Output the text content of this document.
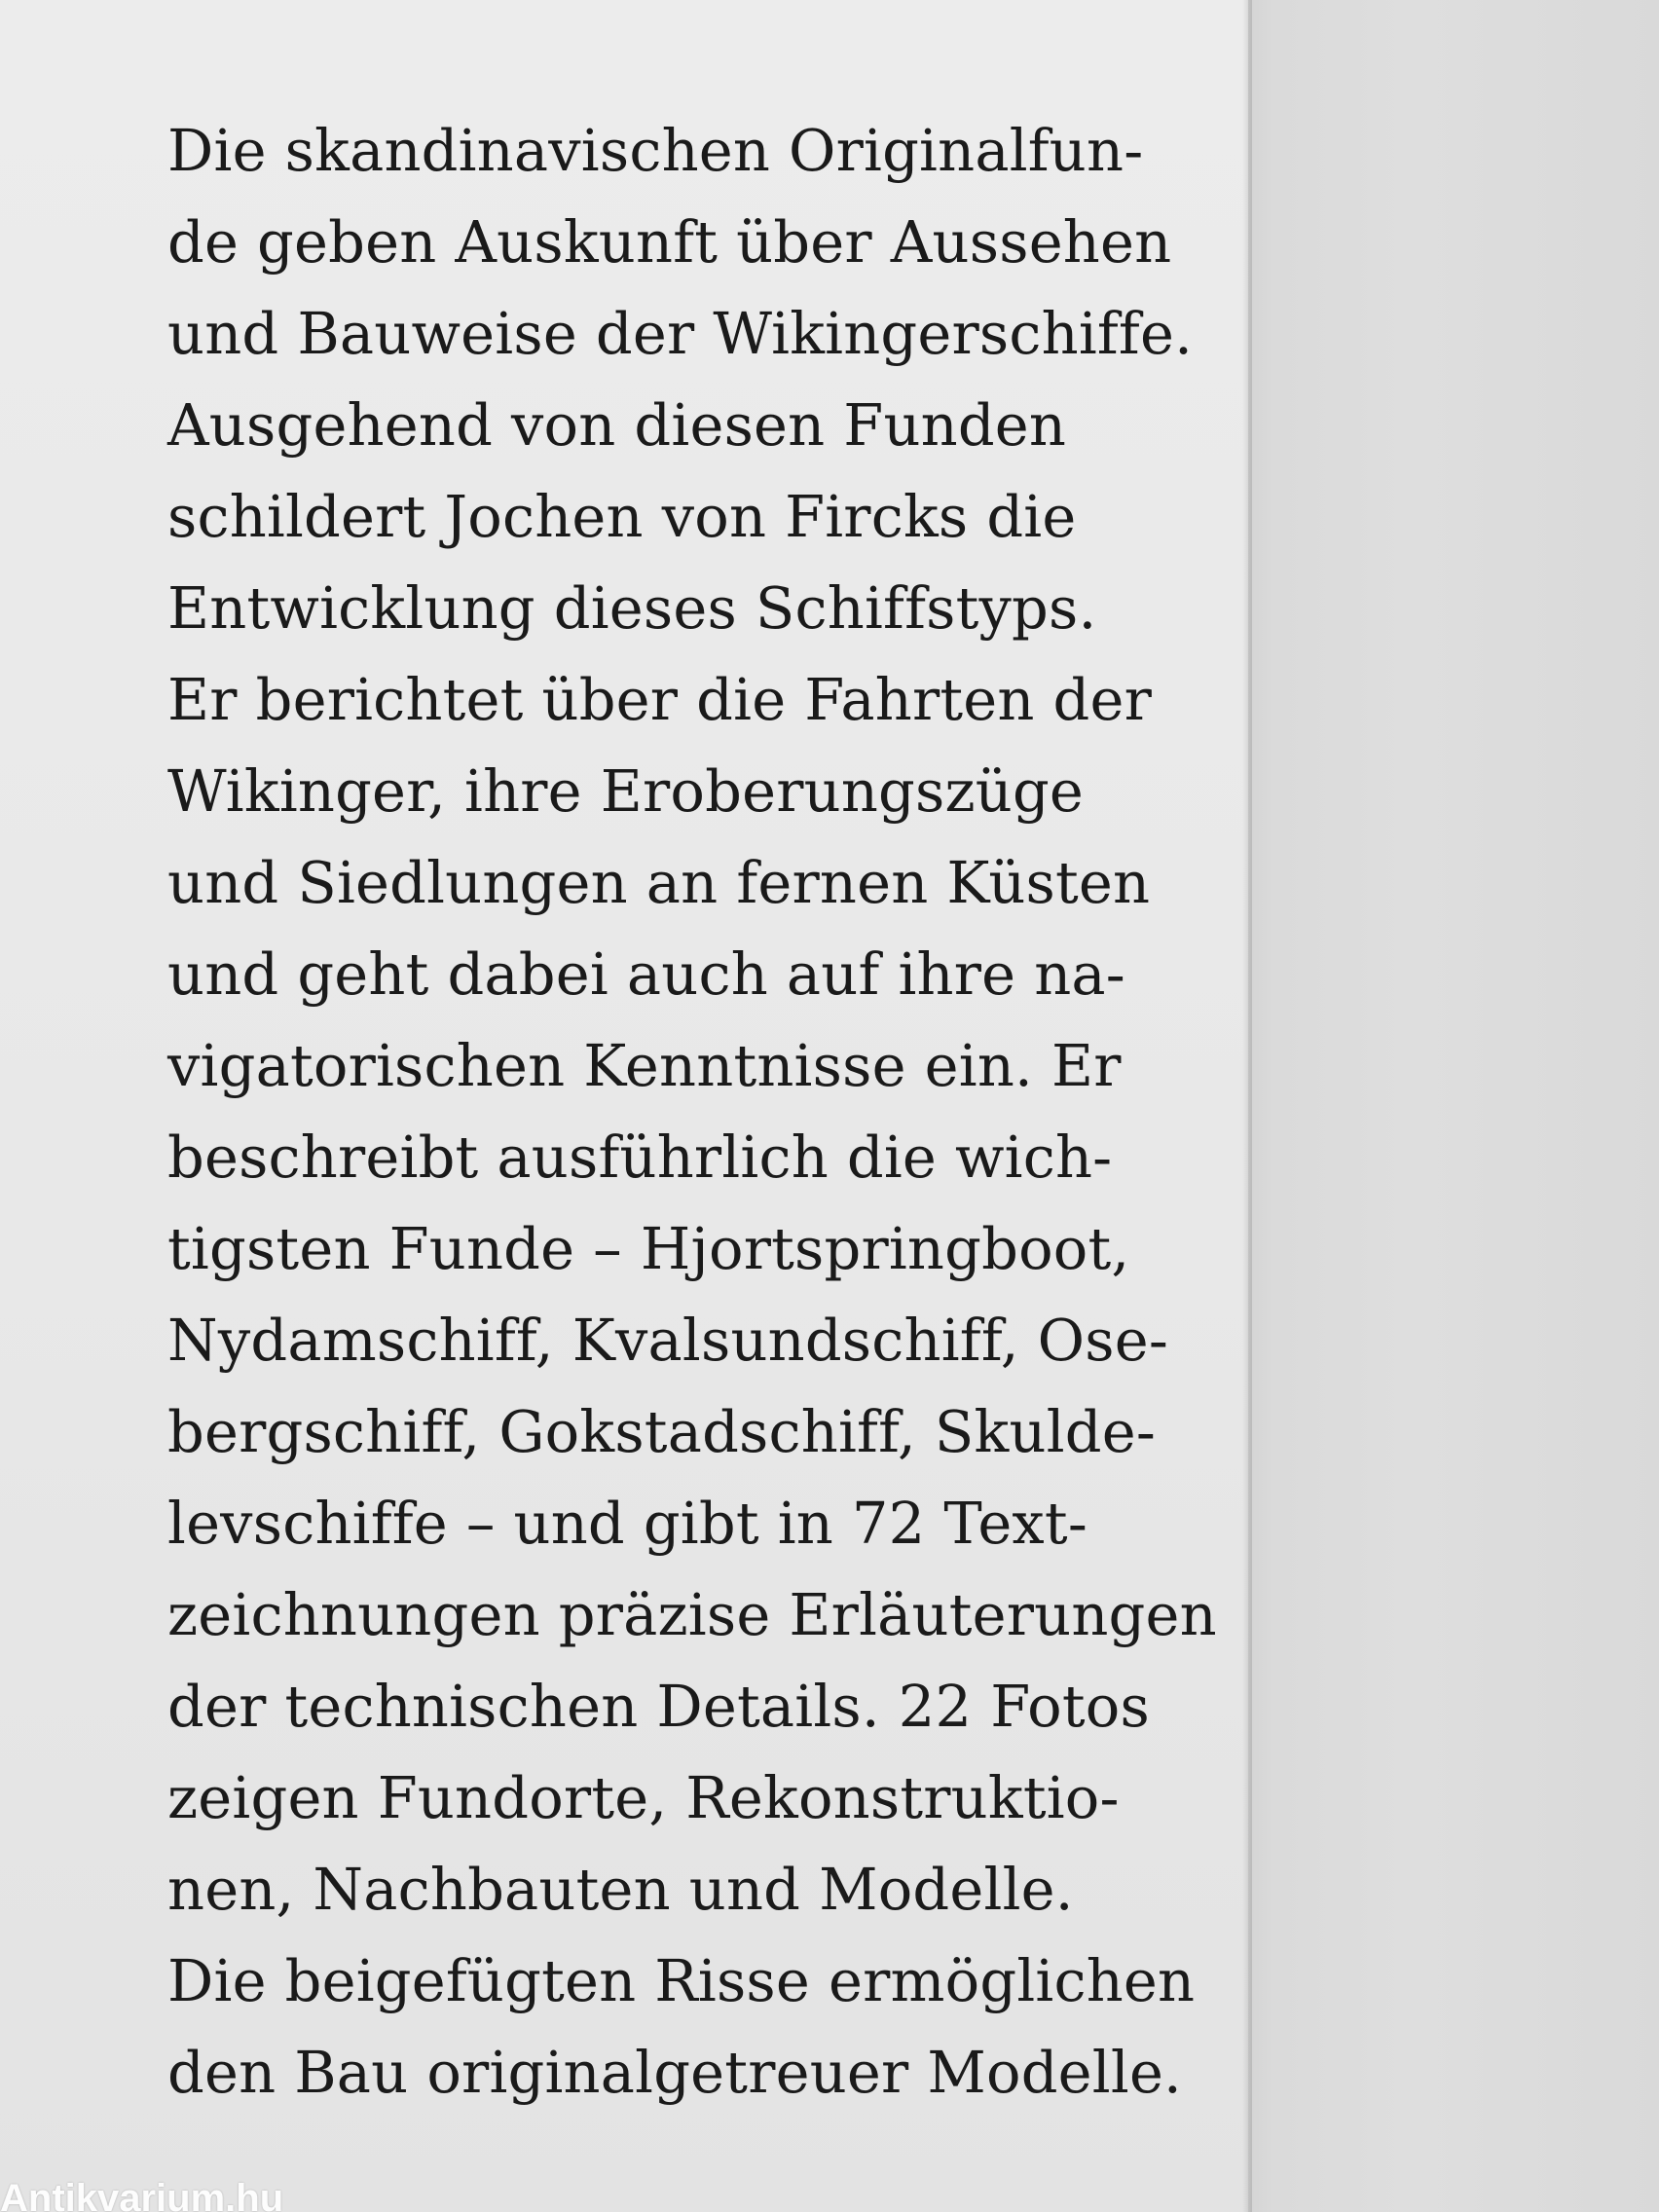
Die skandinavischen Originalfun-
de geben Auskunft über Aussehen
und Bauweise der Wikingerschiffe.
Ausgehend von diesen Funden
schildert Jochen von Fircks die
Entwicklung dieses Schiffstyps.
Er berichtet über die Fahrten der
Wikinger, ihre Eroberungszüge
und Siedlungen an fernen Küsten
und geht dabei auch auf ihre na-
vigatorischen Kenntnisse ein. Er
beschreibt ausführlich die wich-
tigsten Funde – Hjortspringboot,
Nydamschiff, Kvalsundschiff, Ose-
bergschiff, Gokstadschiff, Skulde-
levschiffe – und gibt in 72 Text-
zeichnungen präzise Erläuterungen
der technischen Details. 22 Fotos
zeigen Fundorte, Rekonstruktio-
nen, Nachbauten und Modelle.
Die beigefügten Risse ermöglichen
den Bau originalgetreuer Modelle.
Antikvarium.hu
